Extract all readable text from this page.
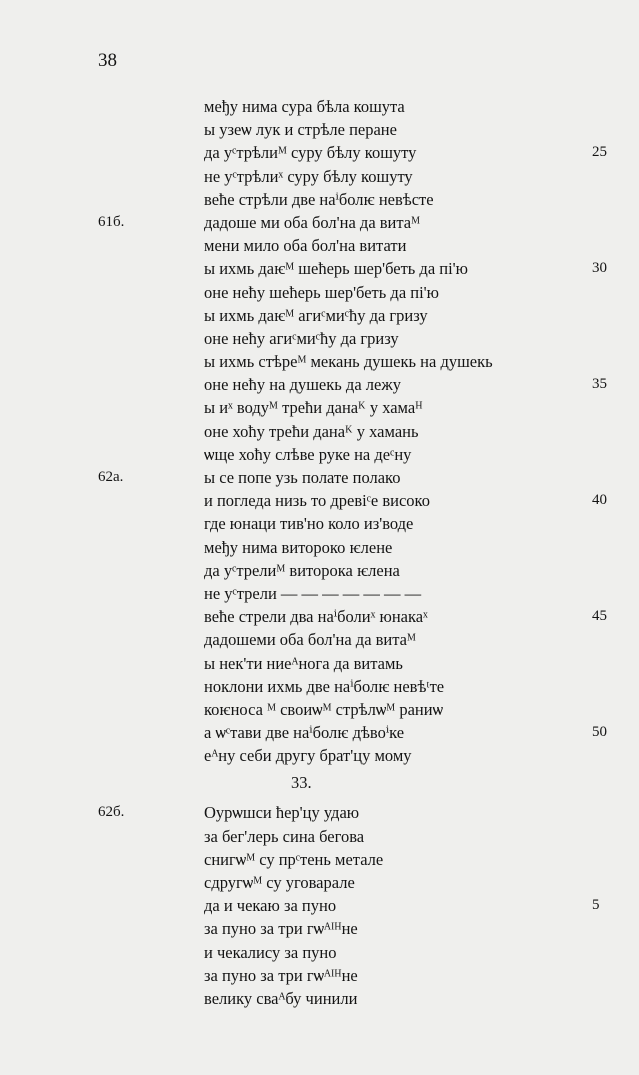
38
међу нима сура бѣла кошута
ы узеѡ лук и стрѣле перане
да уᶜтрѣлиᴹ суру бѣлу кошуту	25
не уᶜтрѣлиˣ суру бѣлу кошуту
веће стрѣли две наⁱболѥ невѣсте
дадоше ми оба бол'на да витаᴹ
61б.
мени мило оба бол'на витати
ы ихмь даѥᴹ шећерь шер'беть да пі'ю	30
оне нећу шећерь шер'беть да пі'ю
ы ихмь даѥᴹ агиᶜмиᶜћу да гризу
оне нећу агиᶜмиᶜћу да гризу
ы ихмь стѣреᴹ мекань душекь на душекь
оне нећу на душекь да лежу	35
ы иˣ водуᴹ трећи данаᴷ у хамаᴴ
оне хоћу трећи данаᴷ у хамань
ѡще хоћу слѣве руке на деᶜну
ы се попе узь полате полако
62а.
и погледа низь то древіᶜе високо	40
где юнаци тив'но коло из'воде
међу нима витороко ѥлене
да уᶜтрелиᴹ виторока ѥлена
не уᶜтрели — — — — — — —
веће стрели два наⁱболиˣ юнакаˣ	45
дадошеми оба бол'на да витаᴹ
ы нек'ти ниеᴬнога да витамь
ноклони ихмь две наⁱболѥ невѣᵗте
коѥноса ᴹ своиѡᴹ стрѣлѡᴹ раниѡ
а ѡᶜтави две наⁱболѥ дѣвоⁱке	50
еᴬну себи другу брат'цу мому
33.
Оурѡшси ћер'цу удаю
62б.
за бег'лерь сина бегова
снигѡᴹ су прᶜтень метале
сдругѡᴹ су уговарале
да и чекаю за пуно	5
за пуно за три гѡᴬᴵᴴне
и чекалису за пуно
за пуно за три гѡᴬᴵᴴне
велику сваᴬбу чинили
